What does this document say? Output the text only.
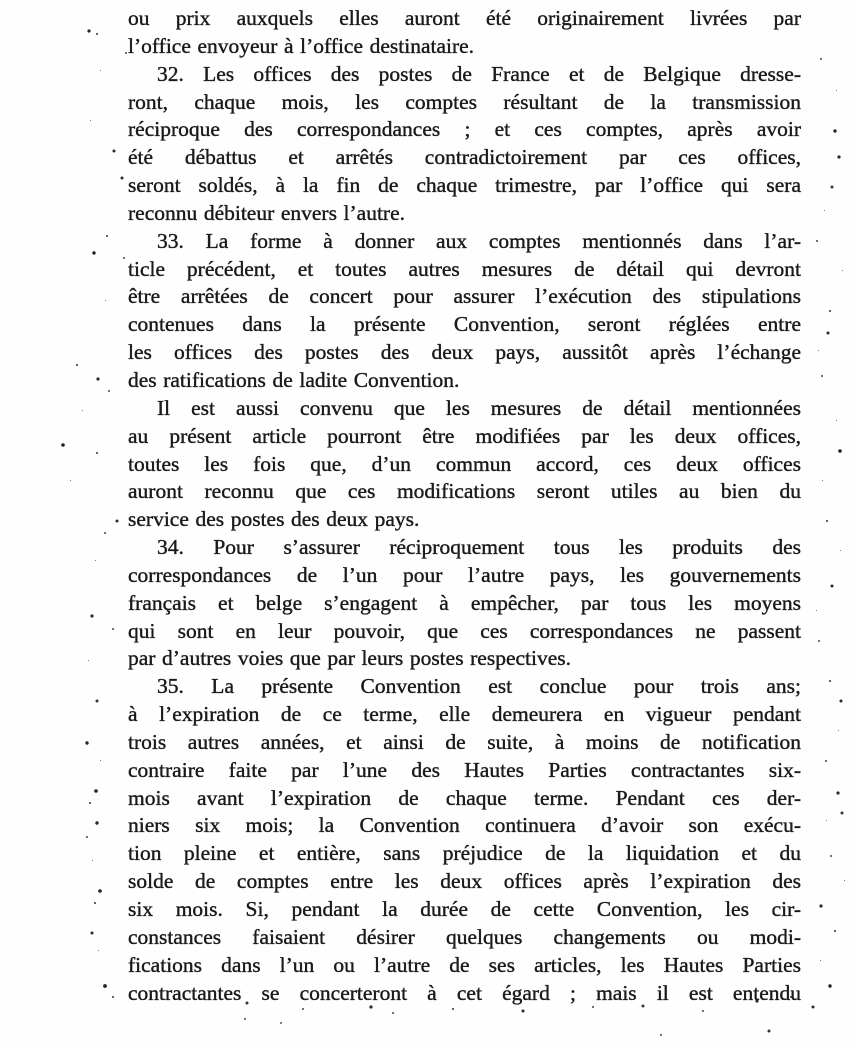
ou prix auxquels elles auront été originairement livrées par
l’office envoyeur à l’office destinataire.
32. Les offices des postes de France et de Belgique dresse-
ront, chaque mois, les comptes résultant de la transmission
réciproque des correspondances ; et ces comptes, après avoir
été débattus et arrêtés contradictoirement par ces offices,
seront soldés, à la fin de chaque trimestre, par l’office qui sera
reconnu débiteur envers l’autre.
33. La forme à donner aux comptes mentionnés dans l’ar-
ticle précédent, et toutes autres mesures de détail qui devront
être arrêtées de concert pour assurer l’exécution des stipulations
contenues dans la présente Convention, seront réglées entre
les offices des postes des deux pays, aussitôt après l’échange
des ratifications de ladite Convention.
Il est aussi convenu que les mesures de détail mentionnées
au présent article pourront être modifiées par les deux offices,
toutes les fois que, d’un commun accord, ces deux offices
auront reconnu que ces modifications seront utiles au bien du
service des postes des deux pays.
34. Pour s’assurer réciproquement tous les produits des
correspondances de l’un pour l’autre pays, les gouvernements
français et belge s’engagent à empêcher, par tous les moyens
qui sont en leur pouvoir, que ces correspondances ne passent
par d’autres voies que par leurs postes respectives.
35. La présente Convention est conclue pour trois ans;
à l’expiration de ce terme, elle demeurera en vigueur pendant
trois autres années, et ainsi de suite, à moins de notification
contraire faite par l’une des Hautes Parties contractantes six-
mois avant l’expiration de chaque terme. Pendant ces der-
niers six mois; la Convention continuera d’avoir son exécu-
tion pleine et entière, sans préjudice de la liquidation et du
solde de comptes entre les deux offices après l’expiration des
six mois. Si, pendant la durée de cette Convention, les cir-
constances faisaient désirer quelques changements ou modi-
fications dans l’un ou l’autre de ses articles, les Hautes Parties
contractantes se concerteront à cet égard ; mais il est entendu
